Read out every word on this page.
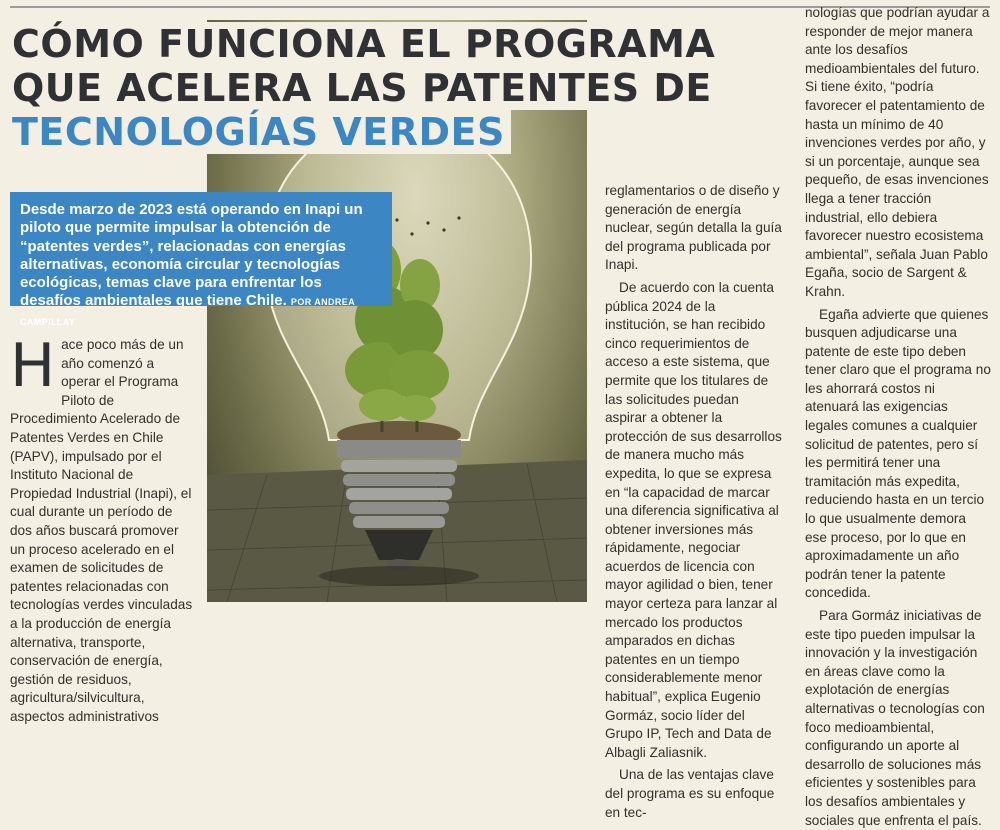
CÓMO FUNCIONA EL PROGRAMA
QUE ACELERA LAS PATENTES DE
TECNOLOGÍAS VERDES
Desde marzo de 2023 está operando en Inapi un piloto que permite impulsar la obtención de “patentes verdes”, relacionadas con energías alternativas, economía circular y tecnologías ecológicas, temas clave para enfrentar los desafíos ambientales que tiene Chile. POR ANDREA CAMPILLAY
H ace poco más de un año comenzó a operar el Programa Piloto de Procedimiento Acelerado de Patentes Verdes en Chile (PAPV), impulsado por el Instituto Nacional de Propiedad Industrial (Inapi), el cual durante un período de dos años buscará promover un proceso acelerado en el examen de solicitudes de patentes relacionadas con tecnologías verdes vinculadas a la producción de energía alternativa, transporte, conservación de energía, gestión de residuos, agricultura/silvicultura, aspectos administrativos

reglamentarios o de diseño y generación de energía nuclear, según detalla la guía del programa publicada por Inapi.

De acuerdo con la cuenta pública 2024 de la institución, se han recibido cinco requerimientos de acceso a este sistema, que permite que los titulares de las solicitudes puedan aspirar a obtener la protección de sus desarrollos de manera mucho más expedita, lo que se expresa en “la capacidad de marcar una diferencia significativa al obtener inversiones más rápidamente, negociar acuerdos de licencia con mayor agilidad o bien, tener mayor certeza para lanzar al mercado los productos amparados en dichas patentes en un tiempo considerablemente menor habitual”, explica Eugenio Gormáz, socio líder del Grupo IP, Tech and Data de Albagli Zaliasnik.

Una de las ventajas clave del programa es su enfoque en tec-

nologías que podrían ayudar a responder de mejor manera ante los desafíos medioambientales del futuro. Si tiene éxito, “podría favorecer el patentamiento de hasta un mínimo de 40 invenciones verdes por año, y si un porcentaje, aunque sea pequeño, de esas invenciones llega a tener tracción industrial, ello debiera favorecer nuestro ecosistema ambiental”, señala Juan Pablo Egaña, socio de Sargent & Krahn.

Egaña advierte que quienes busquen adjudicarse una patente de este tipo deben tener claro que el programa no les ahorrará costos ni atenuará las exigencias legales comunes a cualquier solicitud de patentes, pero sí les permitirá tener una tramitación más expedita, reduciendo hasta en un tercio lo que usualmente demora ese proceso, por lo que en aproximadamente un año podrán tener la patente concedida.

Para Gormáz iniciativas de este tipo pueden impulsar la innovación y la investigación en áreas clave como la explotación de energías alternativas o tecnologías con foco medioambiental, configurando un aporte al desarrollo de soluciones más eficientes y sostenibles para los desafíos ambientales y sociales que enfrenta el país.
